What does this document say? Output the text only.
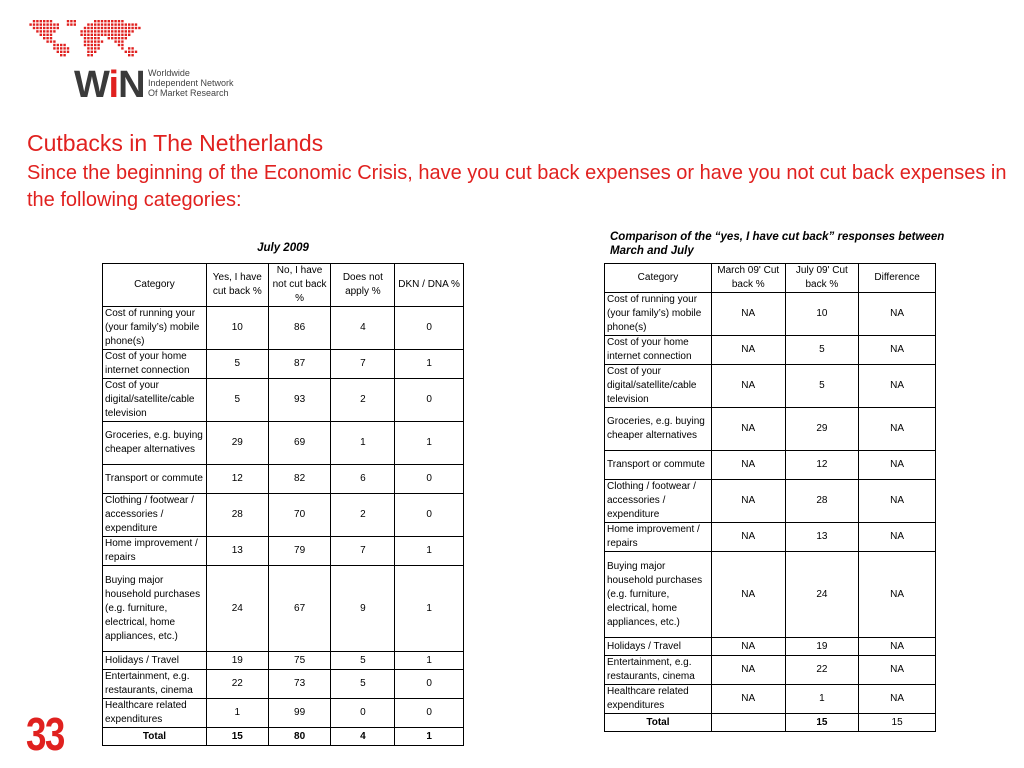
WiN Worldwide
Independent Network
Of Market Research
Cutbacks in The Netherlands
Since the beginning of the Economic Crisis, have you cut back expenses or have you not cut back expenses in the following categories:
July 2009
Category	Yes, I have cut back %	No, I have not cut back %	Does not apply %	DKN / DNA %
Cost of running your (your family’s) mobile phone(s)	10	86	4	0
Cost of your home internet connection	5	87	7	1
Cost of your digital/satellite/cable television	5	93	2	0
Groceries, e.g. buying cheaper alternatives	29	69	1	1
Transport or commute	12	82	6	0
Clothing / footwear / accessories / expenditure	28	70	2	0
Home improvement / repairs	13	79	7	1
Buying major household purchases (e.g. furniture, electrical, home appliances, etc.)	24	67	9	1
Holidays / Travel	19	75	5	1
Entertainment, e.g. restaurants, cinema	22	73	5	0
Healthcare related expenditures	1	99	0	0
Total	15	80	4	1
Comparison of the “yes, I have cut back” responses between March and July
Category	March 09' Cut back %	July 09' Cut back %	Difference
Cost of running your (your family’s) mobile phone(s)	NA	10	NA
Cost of your home internet connection	NA	5	NA
Cost of your digital/satellite/cable television	NA	5	NA
Groceries, e.g. buying cheaper alternatives	NA	29	NA
Transport or commute	NA	12	NA
Clothing / footwear / accessories / expenditure	NA	28	NA
Home improvement / repairs	NA	13	NA
Buying major household purchases (e.g. furniture, electrical, home appliances, etc.)	NA	24	NA
Holidays / Travel	NA	19	NA
Entertainment, e.g. restaurants, cinema	NA	22	NA
Healthcare related expenditures	NA	1	NA
Total		15	15
33
